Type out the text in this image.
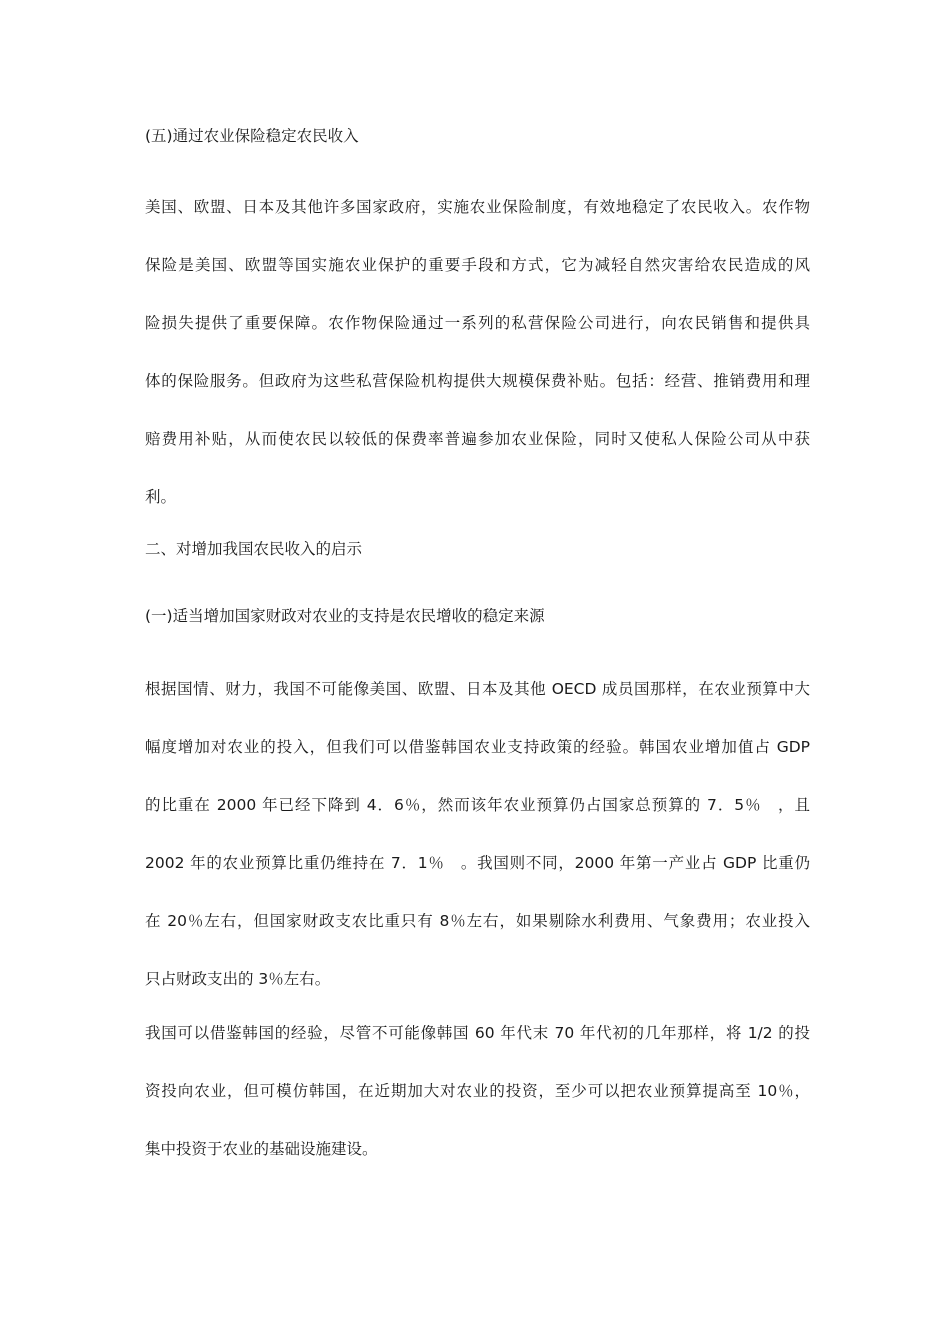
(五)通过农业保险稳定农民收入
美国、欧盟、日本及其他许多国家政府，实施农业保险制度，有效地稳定了农民收入。农作物
保险是美国、欧盟等国实施农业保护的重要手段和方式，它为减轻自然灾害给农民造成的风
险损失提供了重要保障。农作物保险通过一系列的私营保险公司进行，向农民销售和提供具
体的保险服务。但政府为这些私营保险机构提供大规模保费补贴。包括：经营、推销费用和理
赔费用补贴，从而使农民以较低的保费率普遍参加农业保险，同时又使私人保险公司从中获
利。
二、对增加我国农民收入的启示
(一)适当增加国家财政对农业的支持是农民增收的稳定来源
根据国情、财力，我国不可能像美国、欧盟、日本及其他 OECD 成员国那样，在农业预算中大
幅度增加对农业的投入，但我们可以借鉴韩国农业支持政策的经验。韩国农业增加值占 GDP
的比重在 2000 年已经下降到 4．6％，然而该年农业预算仍占国家总预算的 7．5％　，且
2002 年的农业预算比重仍维持在 7．1％　。我国则不同，2000 年第一产业占 GDP 比重仍
在 20％左右，但国家财政支农比重只有 8％左右，如果剔除水利费用、气象费用；农业投入
只占财政支出的 3％左右。
我国可以借鉴韩国的经验，尽管不可能像韩国 60 年代末 70 年代初的几年那样，将 1/2 的投
资投向农业，但可模仿韩国，在近期加大对农业的投资，至少可以把农业预算提高至 10％，
集中投资于农业的基础设施建设。
